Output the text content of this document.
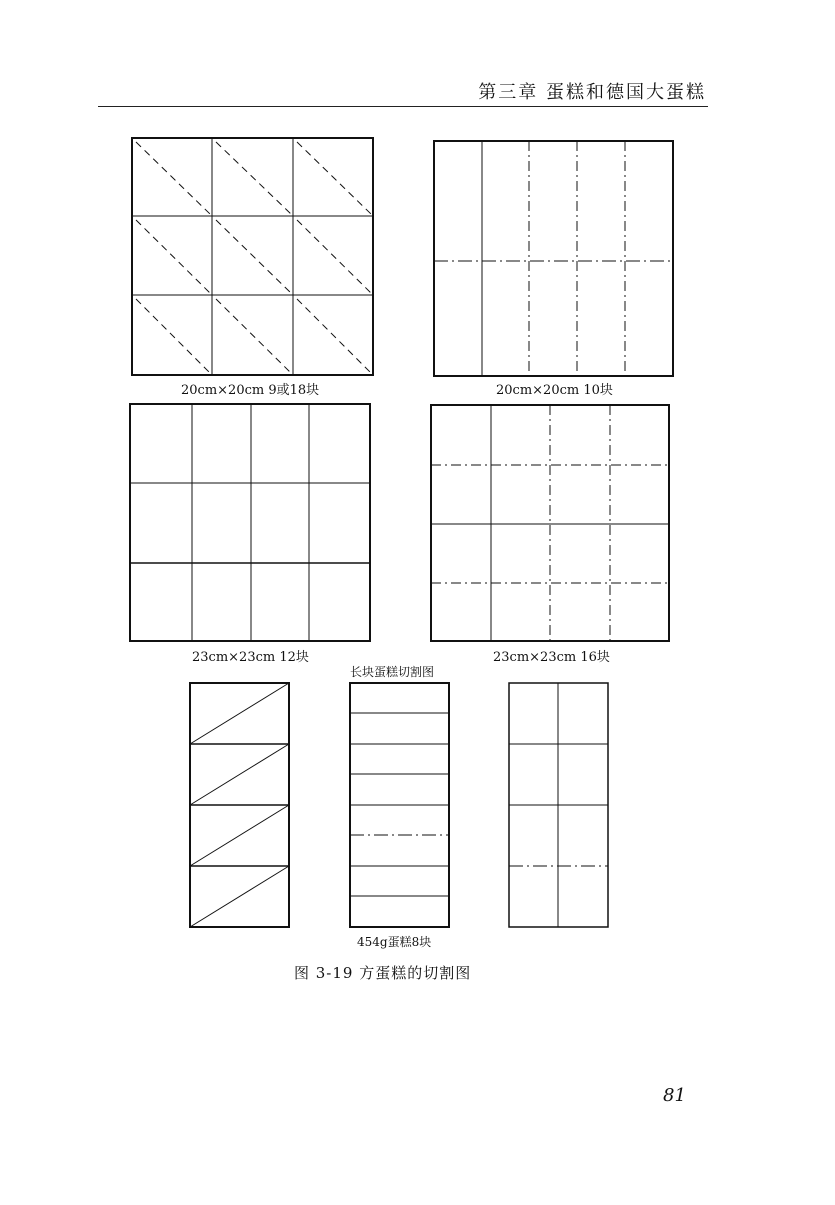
第三章 蛋糕和德国大蛋糕
20cm×20cm 9或18块	20cm×20cm 10块
23cm×23cm 12块	23cm×23cm 16块
长块蛋糕切割图
454g蛋糕8块
图 3-19 方蛋糕的切割图
81
